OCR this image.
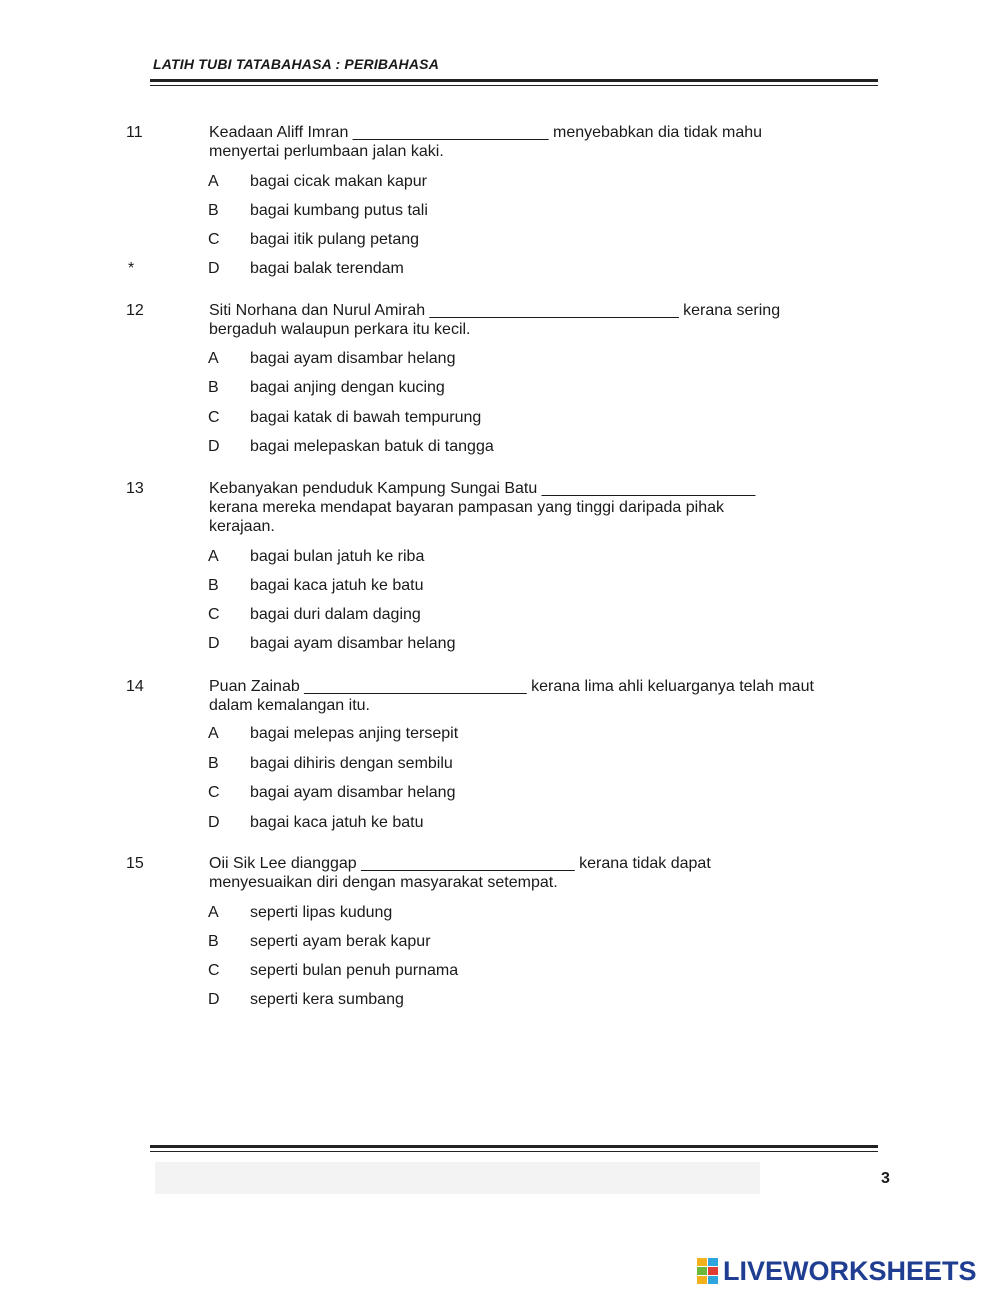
LATIH TUBI TATABAHASA : PERIBAHASA
11	Keadaan Aliff Imran ______________________ menyebabkan dia tidak mahu menyertai perlumbaan jalan kaki.
A bagai cicak makan kapur
B bagai kumbang putus tali
C bagai itik pulang petang
*	D bagai balak terendam
12	Siti Norhana dan Nurul Amirah ____________________________ kerana sering bergaduh walaupun perkara itu kecil.
A bagai ayam disambar helang
B bagai anjing dengan kucing
C bagai katak di bawah tempurung
D bagai melepaskan batuk di tangga
13	Kebanyakan penduduk Kampung Sungai Batu ________________________ kerana mereka mendapat bayaran pampasan yang tinggi daripada pihak kerajaan.
A bagai bulan jatuh ke riba
B bagai kaca jatuh ke batu
C bagai duri dalam daging
D bagai ayam disambar helang
14	Puan Zainab _________________________ kerana lima ahli keluarganya telah maut dalam kemalangan itu.
A bagai melepas anjing tersepit
B bagai dihiris dengan sembilu
C bagai ayam disambar helang
D bagai kaca jatuh ke batu
15	Oii Sik Lee dianggap ________________________ kerana tidak dapat menyesuaikan diri dengan masyarakat setempat.
A seperti lipas kudung
B seperti ayam berak kapur
C seperti bulan penuh purnama
D seperti kera sumbang
3
LIVEWORKSHEETS
